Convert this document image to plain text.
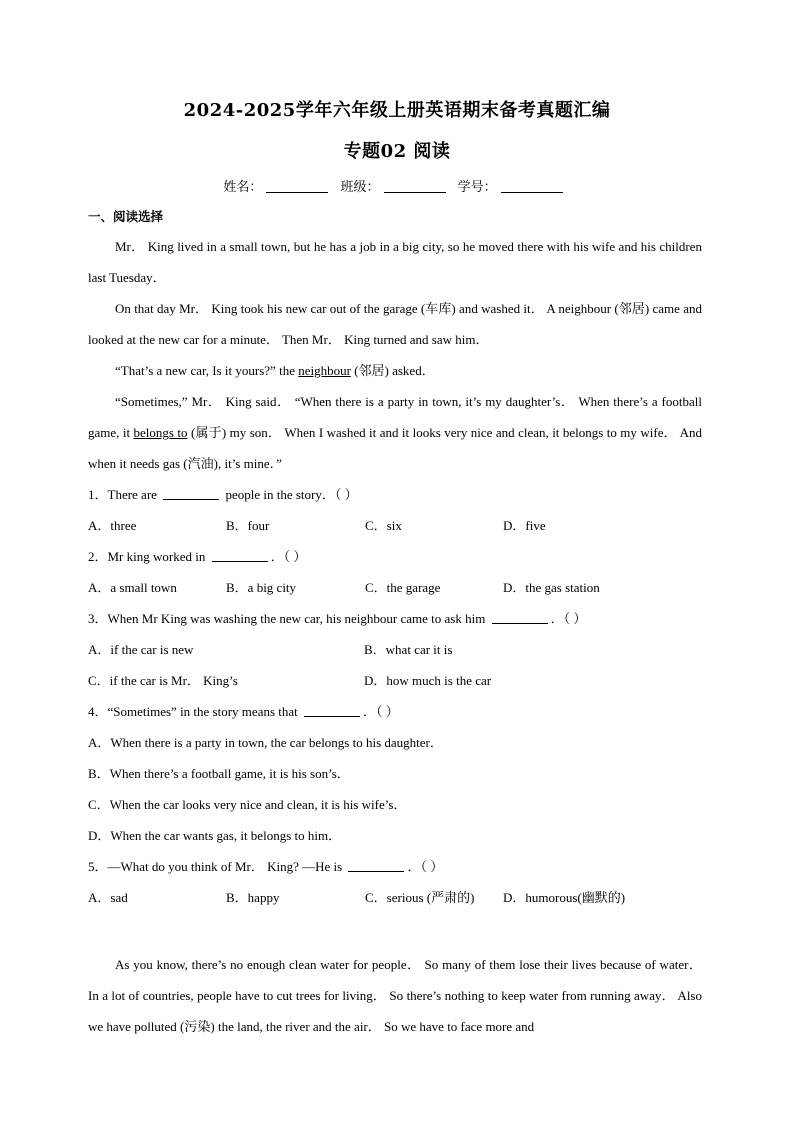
2024-2025学年六年级上册英语期末备考真题汇编
专题02 阅读
姓名：	班级：	学号：
一、阅读选择

Mr． King lived in a small town, but he has a job in a big city, so he moved there with his wife and his children last Tuesday．

On that day Mr． King took his new car out of the garage (车库) and washed it． A neighbour (邻居) came and looked at the new car for a minute． Then Mr． King turned and saw him．

“That’s a new car, Is it yours?” the neighbour (邻居) asked．

“Sometimes,” Mr． King said． “When there is a party in town, it’s my daughter’s． When there’s a football game, it belongs to (属于) my son． When I washed it and it looks very nice and clean, it belongs to my wife． And when it needs gas (汽油), it’s mine．”

1．There are	people in the story．（ ）

A．three	B．four	C．six	D．five

2．Mr king worked in	．（ ）

A．a small town	B．a big city	C．the garage	D．the gas station

3．When Mr King was washing the new car, his neighbour came to ask him	．（ ）

A．if the car is new	B．what car it is
C．if the car is Mr． King’s	D．how much is the car

4．“Sometimes” in the story means that	．（ ）

A．When there is a party in town, the car belongs to his daughter．

B．When there’s a football game, it is his son’s．

C．When the car looks very nice and clean, it is his wife’s．

D．When the car wants gas, it belongs to him．

5．—What do you think of Mr． King? —He is	．（ ）

A．sad	B．happy	C．serious (严肃的)	D．humorous(幽默的)

As you know, there’s no enough clean water for people． So many of them lose their lives because of water． In a lot of countries, people have to cut trees for living． So there’s nothing to keep water from running away． Also we have polluted (污染) the land, the river and the air． So we have to face more and
